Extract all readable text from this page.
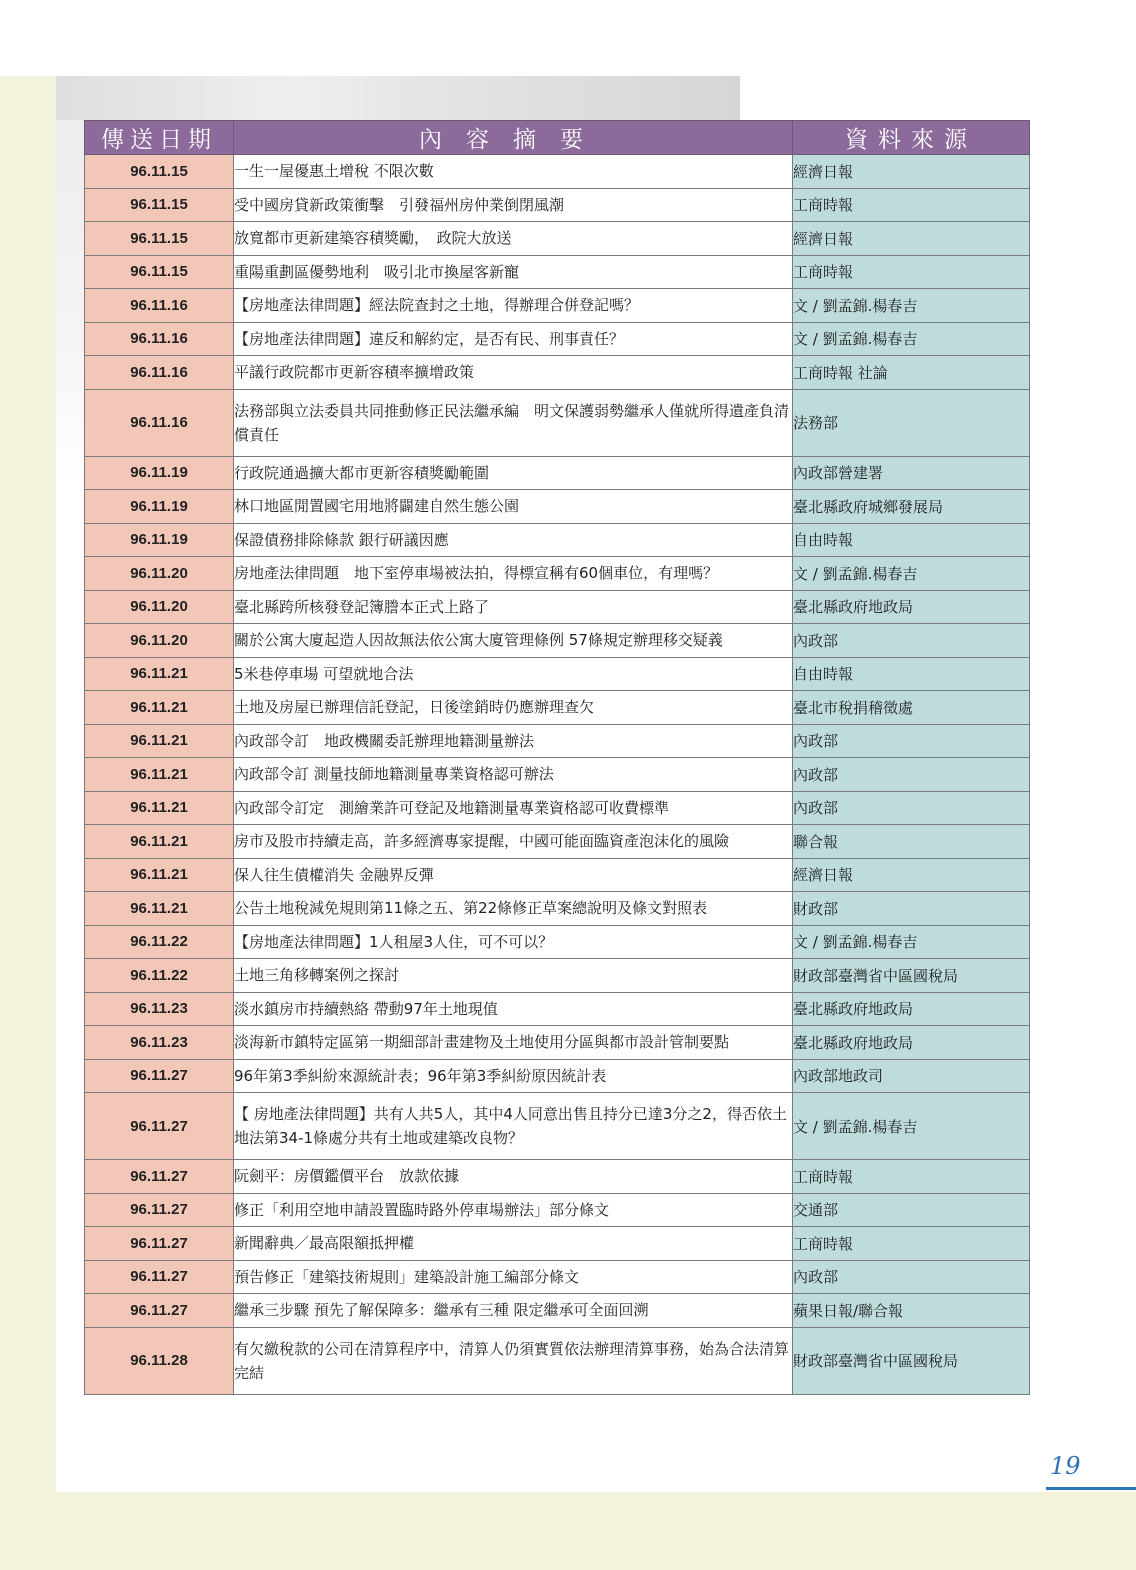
傳送日期	內容摘要	資料來源
96.11.15	一生一屋優惠土增稅 不限次數	經濟日報
96.11.15	受中國房貸新政策衝擊　引發福州房仲業倒閉風潮	工商時報
96.11.15	放寬都市更新建築容積獎勵，　政院大放送	經濟日報
96.11.15	重陽重劃區優勢地利　吸引北市換屋客新寵	工商時報
96.11.16	【房地產法律問題】經法院查封之土地，得辦理合併登記嗎？	文 / 劉孟錦.楊春吉
96.11.16	【房地產法律問題】違反和解約定，是否有民、刑事責任？	文 / 劉孟錦.楊春吉
96.11.16	平議行政院都市更新容積率擴增政策	工商時報 社論
96.11.16	法務部與立法委員共同推動修正民法繼承編　明文保護弱勢繼承人僅就所得遺產負清償責任	法務部
96.11.19	行政院通過擴大都市更新容積獎勵範圍	內政部營建署
96.11.19	林口地區閒置國宅用地將闢建自然生態公園	臺北縣政府城鄉發展局
96.11.19	保證債務排除條款 銀行研議因應	自由時報
96.11.20	房地產法律問題　地下室停車場被法拍，得標宣稱有60個車位，有理嗎？	文 / 劉孟錦.楊春吉
96.11.20	臺北縣跨所核發登記簿謄本正式上路了	臺北縣政府地政局
96.11.20	關於公寓大廈起造人因故無法依公寓大廈管理條例 57條規定辦理移交疑義	內政部
96.11.21	5米巷停車場 可望就地合法	自由時報
96.11.21	土地及房屋已辦理信託登記，日後塗銷時仍應辦理查欠	臺北市稅捐稽徵處
96.11.21	內政部令訂　地政機關委託辦理地籍測量辦法	內政部
96.11.21	內政部令訂 測量技師地籍測量專業資格認可辦法	內政部
96.11.21	內政部令訂定　測繪業許可登記及地籍測量專業資格認可收費標準	內政部
96.11.21	房市及股市持續走高，許多經濟專家提醒，中國可能面臨資產泡沫化的風險	聯合報
96.11.21	保人往生債權消失 金融界反彈	經濟日報
96.11.21	公告土地稅減免規則第11條之五、第22條修正草案總說明及條文對照表	財政部
96.11.22	【房地產法律問題】1人租屋3人住，可不可以？	文 / 劉孟錦.楊春吉
96.11.22	土地三角移轉案例之探討	財政部臺灣省中區國稅局
96.11.23	淡水鎮房市持續熱絡 帶動97年土地現值	臺北縣政府地政局
96.11.23	淡海新市鎮特定區第一期細部計畫建物及土地使用分區與都市設計管制要點	臺北縣政府地政局
96.11.27	96年第3季糾紛來源統計表；96年第3季糾紛原因統計表	內政部地政司
96.11.27	【 房地產法律問題】共有人共5人，其中4人同意出售且持分已達3分之2，得否依土地法第34-1條處分共有土地或建築改良物？	文 / 劉孟錦.楊春吉
96.11.27	阮劍平：房價鑑價平台　放款依據	工商時報
96.11.27	修正「利用空地申請設置臨時路外停車場辦法」部分條文	交通部
96.11.27	新聞辭典／最高限額抵押權	工商時報
96.11.27	預告修正「建築技術規則」建築設計施工編部分條文	內政部
96.11.27	繼承三步驟 預先了解保障多：繼承有三種 限定繼承可全面回溯	蘋果日報/聯合報
96.11.28	有欠繳稅款的公司在清算程序中，清算人仍須實質依法辦理清算事務，始為合法清算完結	財政部臺灣省中區國稅局
19
